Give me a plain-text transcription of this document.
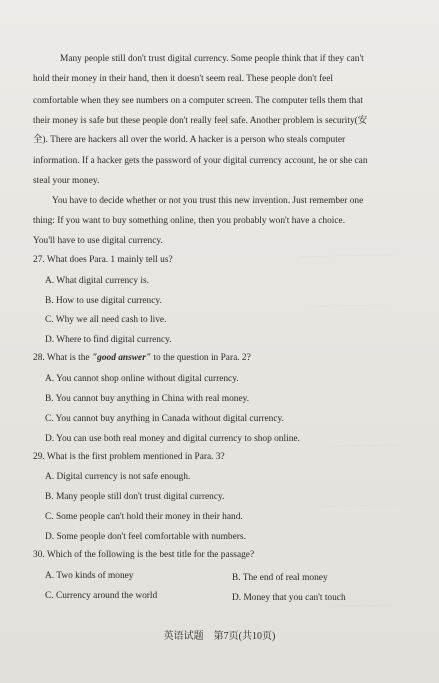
……………………………………
……………………………
…………………………
……………………………
………………………
Many people still don't trust digital currency. Some people think that if they can't
hold their money in their hand, then it doesn't seem real. These people don't feel
comfortable when they see numbers on a computer screen. The computer tells them that
their money is safe but these people don't really feel safe. Another problem is security(安
全). There are hackers all over the world. A hacker is a person who steals computer
information. If a hacker gets the password of your digital currency account, he or she can
steal your money.
You have to decide whether or not you trust this new invention. Just remember one
thing: If you want to buy something online, then you probably won't have a choice.
You'll have to use digital currency.
27. What does Para. 1 mainly tell us?
A. What digital currency is.
B. How to use digital currency.
C. Why we all need cash to live.
D. Where to find digital currency.
28. What is the "good answer" to the question in Para. 2?
A. You cannot shop online without digital currency.
B. You cannot buy anything in China with real money.
C. You cannot buy anything in Canada without digital currency.
D. You can use both real money and digital currency to shop online.
29. What is the first problem mentioned in Para. 3?
A. Digital currency is not safe enough.
B. Many people still don't trust digital currency.
C. Some people can't hold their money in their hand.
D. Some people don't feel comfortable with numbers.
30. Which of the following is the best title for the passage?
A. Two kinds of money	B. The end of real money
C. Currency around the world	D. Money that you can't touch
英语试题　第7页(共10页)
